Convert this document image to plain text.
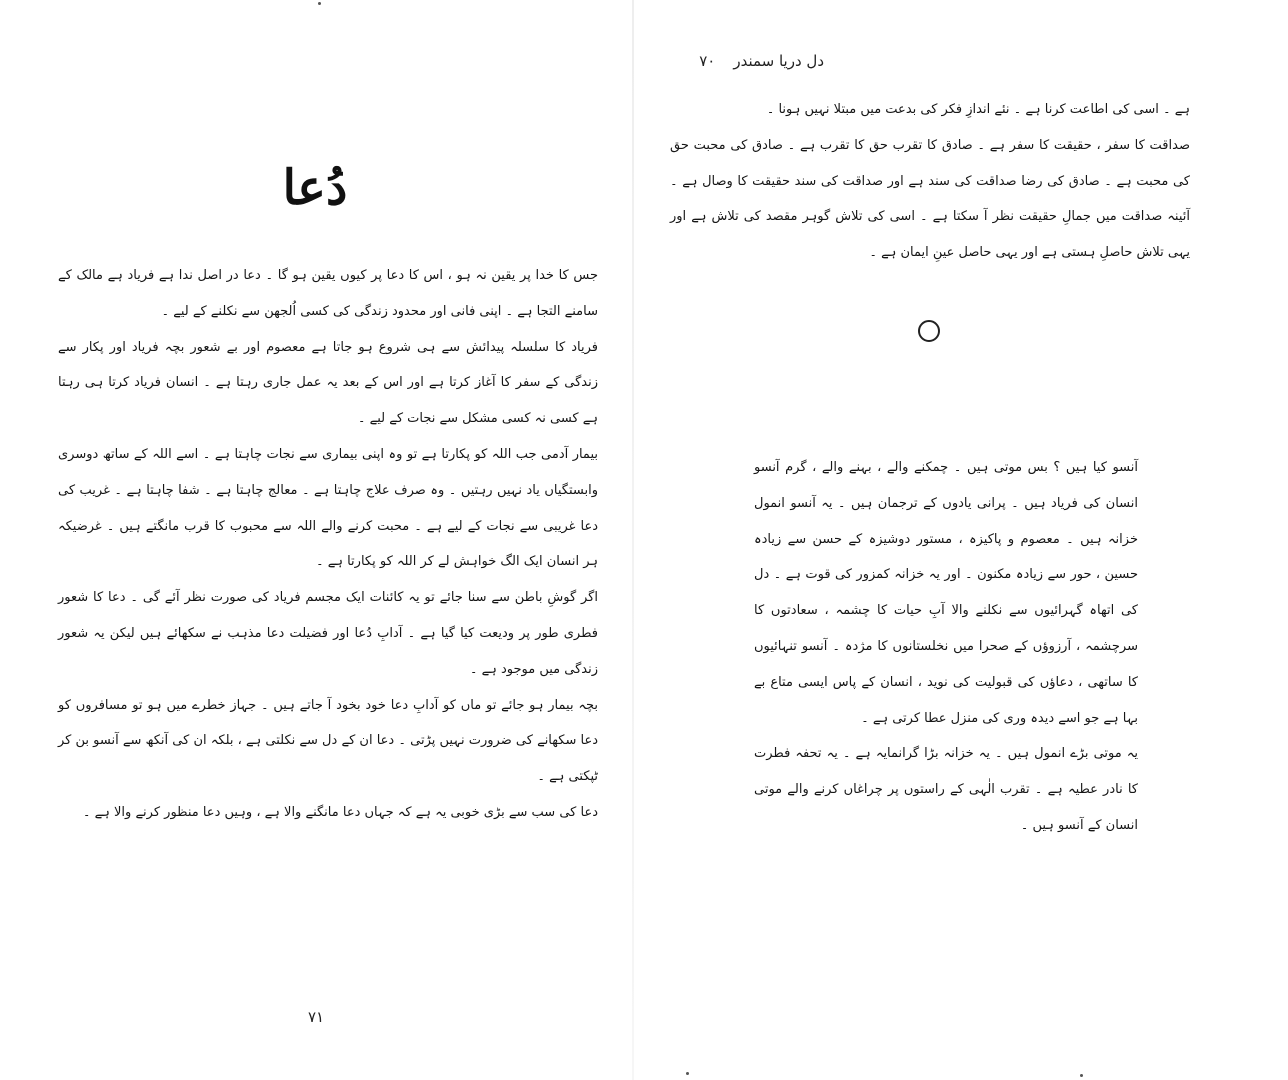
دُعا

جس کا خدا پر یقین نہ ہو ، اس کا دعا پر کیوں یقین ہو گا ۔ دعا در اصل ندا ہے فریاد ہے مالک کے سامنے التجا ہے ۔ اپنی فانی اور محدود زندگی کی کسی اُلجھن سے نکلنے کے لیے ۔

فریاد کا سلسلہ پیدائش سے ہی شروع ہو جاتا ہے معصوم اور بے شعور بچہ فریاد اور پکار سے زندگی کے سفر کا آغاز کرتا ہے اور اس کے بعد یہ عمل جاری رہتا ہے ۔ انسان فریاد کرتا ہی رہتا ہے کسی نہ کسی مشکل سے نجات کے لیے ۔

بیمار آدمی جب اللہ کو پکارتا ہے تو وہ اپنی بیماری سے نجات چاہتا ہے ۔ اسے اللہ کے ساتھ دوسری وابستگیاں یاد نہیں رہتیں ۔ وہ صرف علاج چاہتا ہے ۔ معالج چاہتا ہے ۔ شفا چاہتا ہے ۔ غریب کی دعا غریبی سے نجات کے لیے ہے ۔ محبت کرنے والے اللہ سے محبوب کا قرب مانگتے ہیں ۔ غرضیکہ ہر انسان ایک الگ خواہش لے کر اللہ کو پکارتا ہے ۔

اگر گوشِ باطن سے سنا جائے تو یہ کائنات ایک مجسم فریاد کی صورت نظر آئے گی ۔ دعا کا شعور فطری طور پر ودیعت کیا گیا ہے ۔ آدابِ دُعا اور فضیلت دعا مذہب نے سکھائے ہیں لیکن یہ شعور زندگی میں موجود ہے ۔

بچہ بیمار ہو جائے تو ماں کو آدابِ دعا خود بخود آ جاتے ہیں ۔ جہاز خطرے میں ہو تو مسافروں کو دعا سکھانے کی ضرورت نہیں پڑتی ۔ دعا ان کے دل سے نکلتی ہے ، بلکہ ان کی آنکھ سے آنسو بن کر ٹپکتی ہے ۔

دعا کی سب سے بڑی خوبی یہ ہے کہ جہاں دعا مانگنے والا ہے ، وہیں دعا منظور کرنے والا ہے ۔

۷۱
دل دریا سمندر
۷۰

ہے ۔ اسی کی اطاعت کرنا ہے ۔ نئے اندازِ فکر کی بدعت میں مبتلا نہیں ہونا ۔

صداقت کا سفر ، حقیقت کا سفر ہے ۔ صادق کا تقرب حق کا تقرب ہے ۔ صادق کی محبت حق کی محبت ہے ۔ صادق کی رضا صداقت کی سند ہے اور صداقت کی سند حقیقت کا وصال ہے ۔ آئینہ صداقت میں جمالِ حقیقت نظر آ سکتا ہے ۔ اسی کی تلاش گوہر مقصد کی تلاش ہے اور یہی تلاش حاصلِ ہستی ہے اور یہی حاصل عینِ ایمان ہے ۔

آنسو کیا ہیں ؟ بس موتی ہیں ۔ چمکنے والے ، بہنے والے ، گرم آنسو انسان کی فریاد ہیں ۔ پرانی یادوں کے ترجمان ہیں ۔ یہ آنسو انمول خزانہ ہیں ۔ معصوم و پاکیزہ ، مستور دوشیزہ کے حسن سے زیادہ حسین ، حور سے زیادہ مکنون ۔ اور یہ خزانہ کمزور کی قوت ہے ۔ دل کی اتھاہ گہرائیوں سے نکلنے والا آبِ حیات کا چشمہ ، سعادتوں کا سرچشمہ ، آرزوؤں کے صحرا میں نخلستانوں کا مژدہ ۔ آنسو تنہائیوں کا ساتھی ، دعاؤں کی قبولیت کی نوید ، انسان کے پاس ایسی متاع بے بہا ہے جو اسے دیدہ وری کی منزل عطا کرتی ہے ۔

یہ موتی بڑے انمول ہیں ۔ یہ خزانہ بڑا گرانمایہ ہے ۔ یہ تحفہ فطرت کا نادر عطیہ ہے ۔ تقرب الٰہی کے راستوں پر چراغاں کرنے والے موتی انسان کے آنسو ہیں ۔
